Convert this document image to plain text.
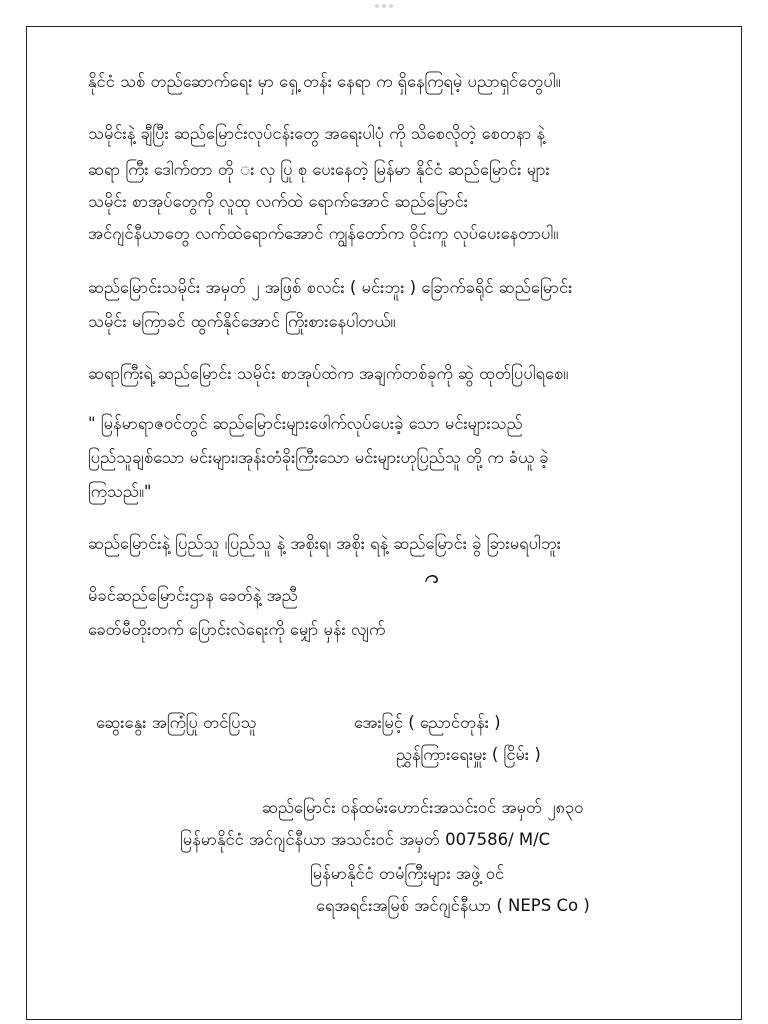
နိုင်ငံ သစ် တည်ဆောက်ရေး မှာ ရှေ့ တန်း နေရာ က ရှိနေကြရမဲ့ ပညာရှင်တွေပါ။
သမိုင်းနဲ့ ချီပြီး ဆည်မြောင်းလုပ်ငန်းတွေ အရေးပါပုံ ကို သိစေလိုတဲ့ စေတနာ နဲ့
ဆရာ ကြီး ဒေါက်တာ တို း လှ ပြု စု ပေးနေတဲ့ မြန်မာ နိုင်ငံ ဆည်မြောင်း များ
သမိုင်း စာအုပ်တွေကို လူထု လက်ထဲ ရောက်အောင် ဆည်မြောင်း
အင်ဂျင်နီယာတွေ လက်ထဲရောက်အောင် ကျွန်တော်က ဝိုင်းကူ လုပ်ပေးနေတာပါ။
ဆည်မြောင်းသမိုင်း အမှတ် ၂ အဖြစ် စလင်း ( မင်းဘူး ) ခြောက်ခရိုင် ဆည်မြောင်း
သမိုင်း မကြာခင် ထွက်နိုင်အောင် ကြိုးစားနေပါတယ်။
ဆရာကြီးရဲ့ ဆည်မြောင်း သမိုင်း စာအုပ်ထဲက အချက်တစ်ခုကို ဆွဲ ထုတ်ပြပါရစေ။
" မြန်မာရာဇဝင်တွင် ဆည်မြောင်းများဖေါက်လုပ်ပေးခဲ့ သော မင်းများသည်
ပြည်သူချစ်သော မင်းများ၊အုန်းတံခိုးကြီးသော မင်းများဟုပြည်သူ တို့ က ခံယူ ခဲ့
ကြသည်။"
ဆည်မြောင်းနဲ့ ပြည်သူ ၊ပြည်သူ နဲ့ အစိုးရ၊ အစိုး ရနဲ့ ဆည်မြောင်း ခွဲ ခြားမရပါဘူး
မိခင်ဆည်မြောင်းဌာန ခေတ်နဲ့ အညီ
ခေတ်မီတိုးတက် ပြောင်းလဲရေးကို မျှော် မှန်း လျက်
ဆွေးနွေး အကြံပြု တင်ပြသူ	အေးမြင့် ( ညောင်တုန်း )
ညွှန်ကြားရေးမှူး ( ငြိမ်း )
ဆည်မြောင်း ဝန်ထမ်းဟောင်းအသင်းဝင် အမှတ် ၂၈၃၀
မြန်မာနိုင်ငံ အင်ဂျင်နီယာ အသင်းဝင် အမှတ် 007586/ M/C
မြန်မာနိုင်ငံ တမံကြီးများ အဖွဲ့ ဝင်
ရေအရင်းအမြစ် အင်ဂျင်နီယာ ( NEPS Co )
